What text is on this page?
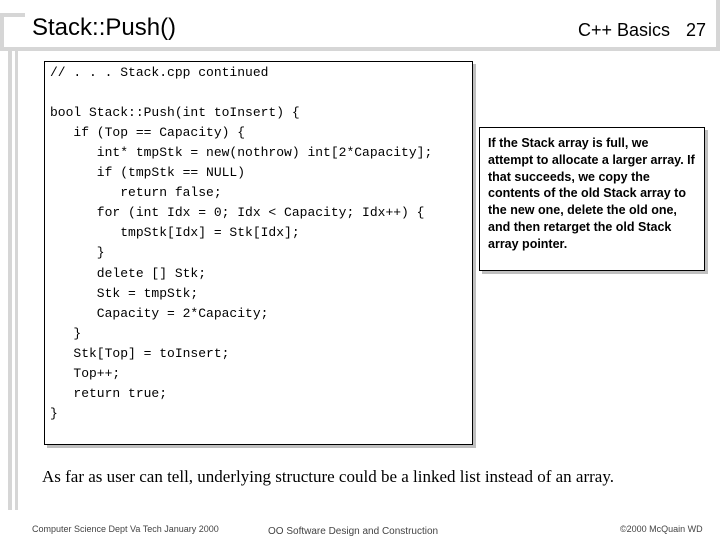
Stack::Push()	C++ Basics 27
// . . . Stack.cpp continued
bool Stack::Push(int toInsert) {
if (Top == Capacity) {
int* tmpStk = new(nothrow) int[2*Capacity];
if (tmpStk == NULL)
return false;
for (int Idx = 0; Idx < Capacity; Idx++) {
tmpStk[Idx] = Stk[Idx];
}
delete [] Stk;
Stk = tmpStk;
Capacity = 2*Capacity;
}
Stk[Top] = toInsert;
Top++;
return true;
}
If the Stack array is full, we attempt to allocate a larger array. If that succeeds, we copy the contents of the old Stack array to the new one, delete the old one, and then retarget the old Stack array pointer.
As far as user can tell, underlying structure could be a linked list instead of an array.
Computer Science Dept Va Tech January 2000	OO Software Design and Construction	©2000 McQuain WD
